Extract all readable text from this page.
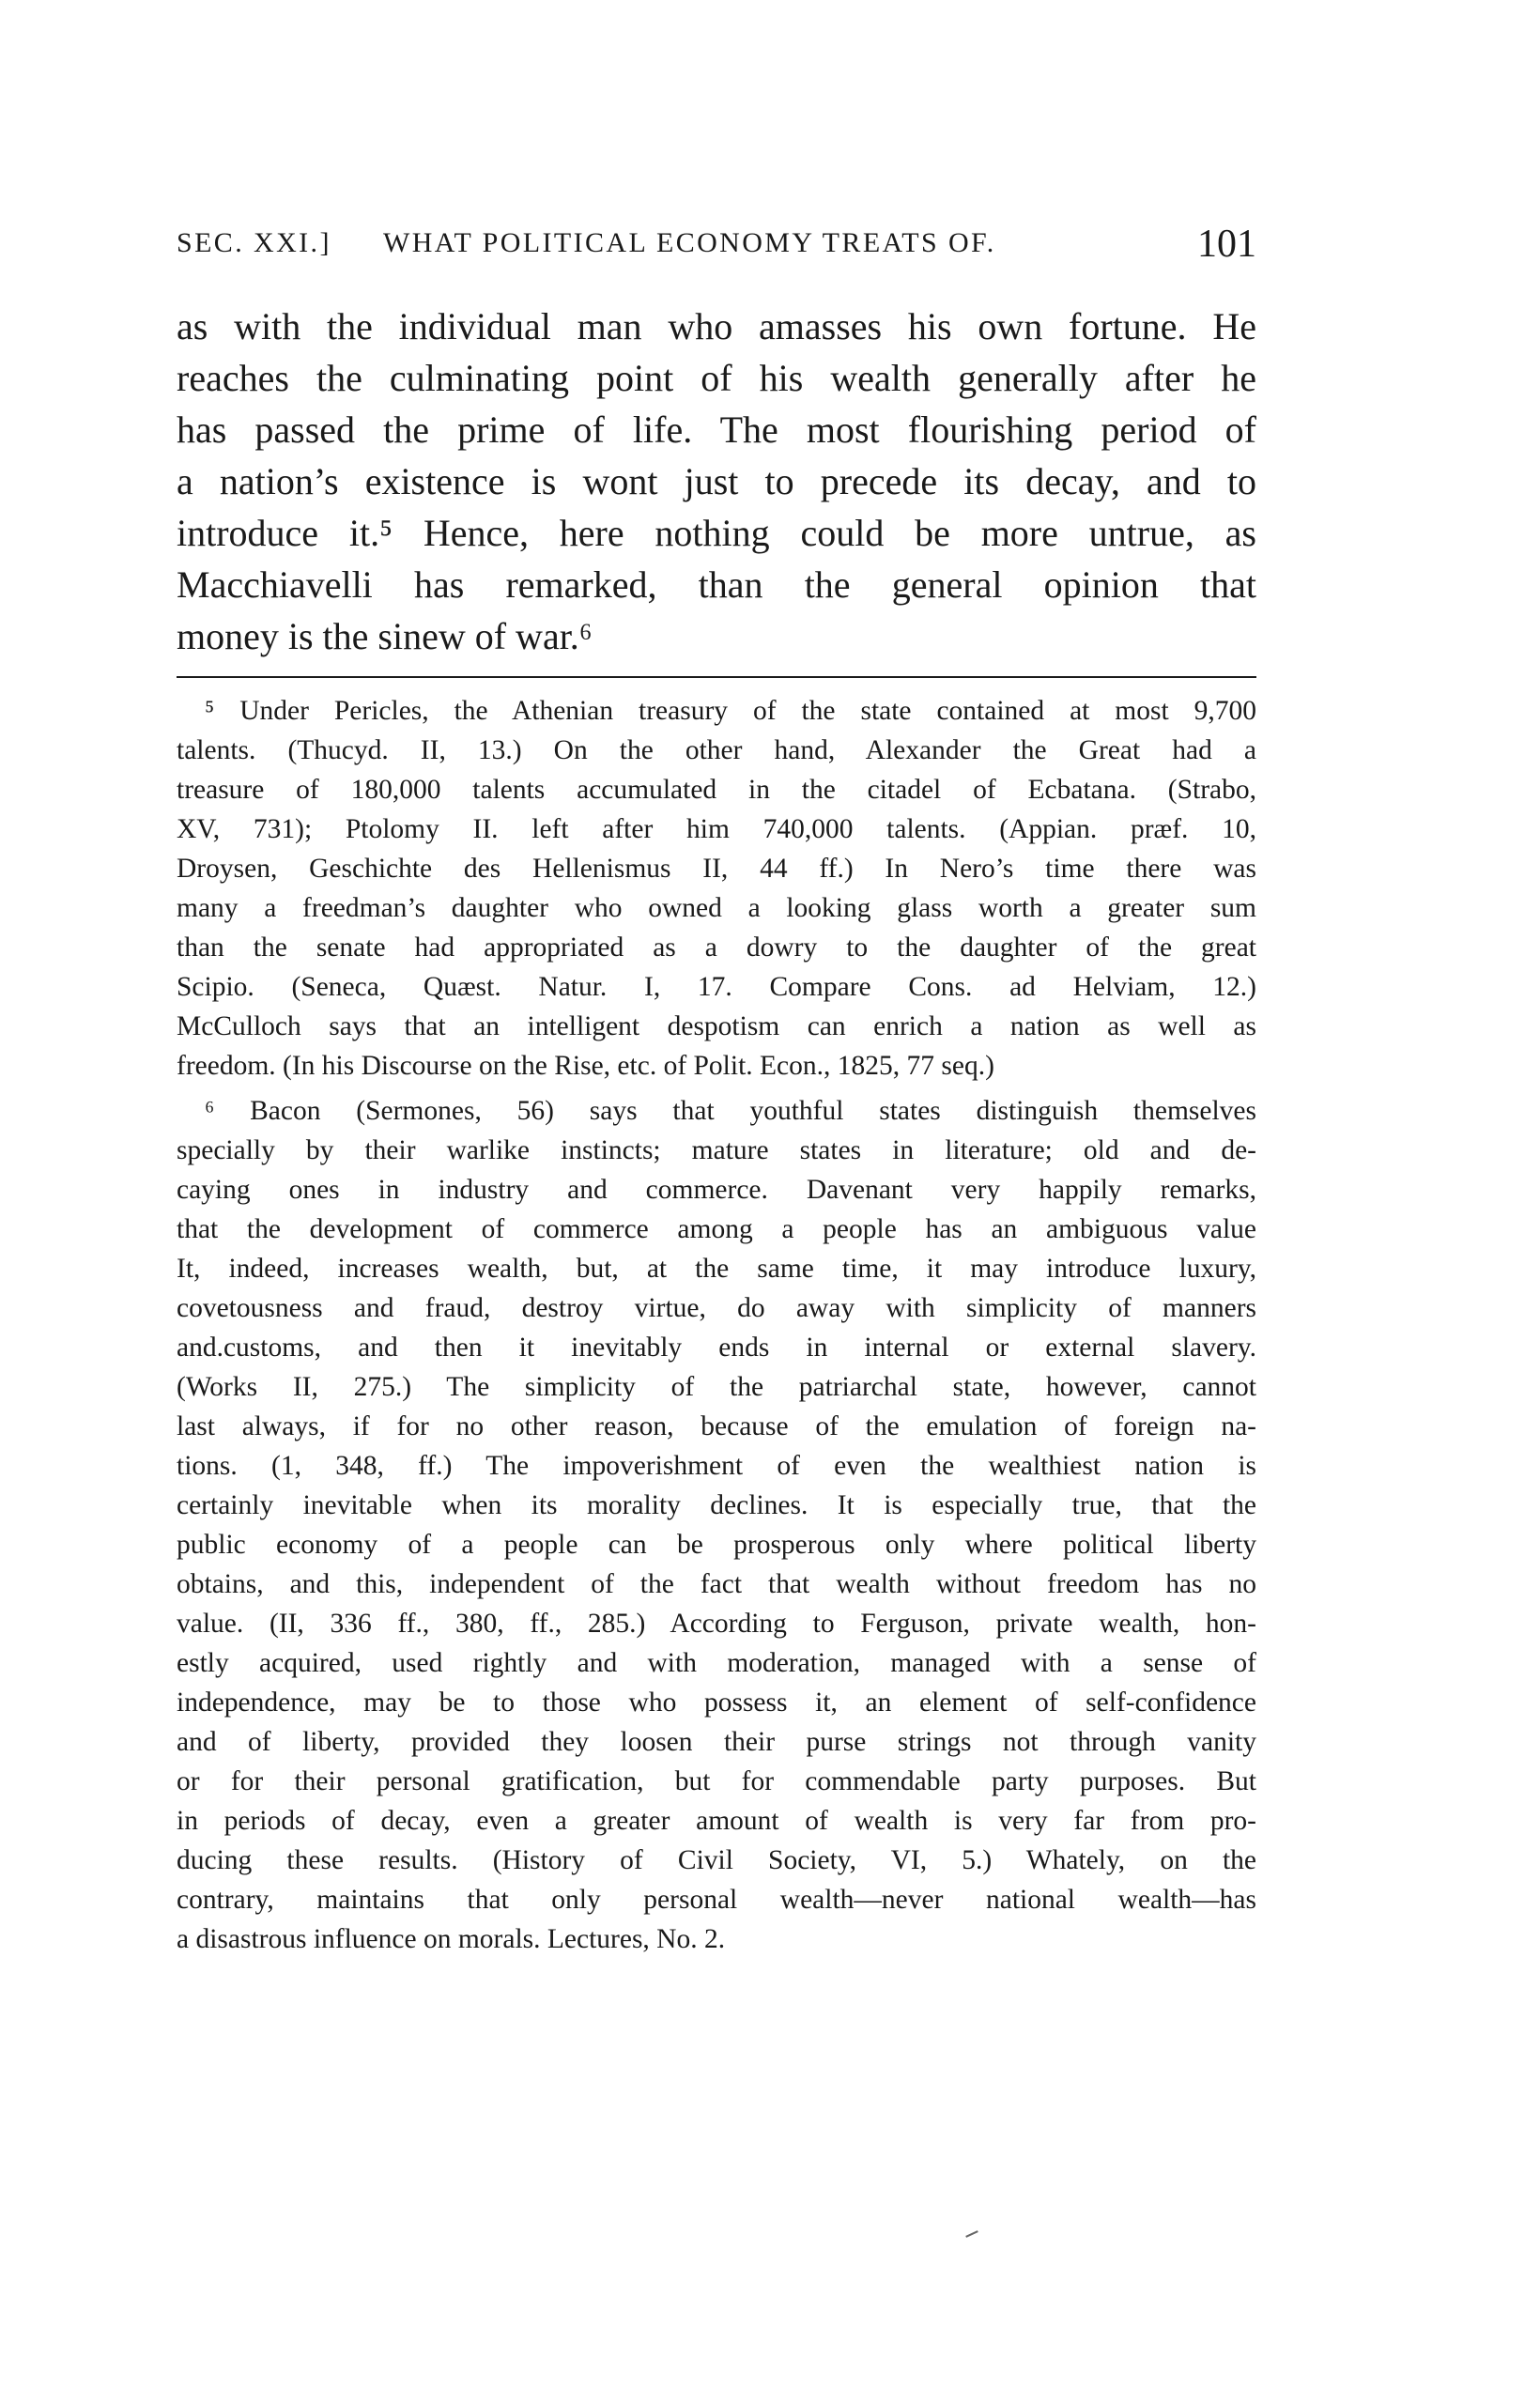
SEC. XXI.] WHAT POLITICAL ECONOMY TREATS OF.	101
as with the individual man who amasses his own fortune. He
reaches the culminating point of his wealth generally after he
has passed the prime of life. The most flourishing period of
a nation’s existence is wont just to precede its decay, and to
introduce it.⁵ Hence, here nothing could be more untrue, as
Macchiavelli has remarked, than the general opinion that
money is the sinew of war.⁶
⁵ Under Pericles, the Athenian treasury of the state contained at most 9,700
talents. (Thucyd. II, 13.) On the other hand, Alexander the Great had a
treasure of 180,000 talents accumulated in the citadel of Ecbatana. (Strabo,
XV, 731); Ptolomy II. left after him 740,000 talents. (Appian. præf. 10,
Droysen, Geschichte des Hellenismus II, 44 ff.) In Nero’s time there was
many a freedman’s daughter who owned a looking glass worth a greater sum
than the senate had appropriated as a dowry to the daughter of the great
Scipio. (Seneca, Quæst. Natur. I, 17. Compare Cons. ad Helviam, 12.)
McCulloch says that an intelligent despotism can enrich a nation as well as
freedom. (In his Discourse on the Rise, etc. of Polit. Econ., 1825, 77 seq.)
⁶ Bacon (Sermones, 56) says that youthful states distinguish themselves
specially by their warlike instincts; mature states in literature; old and de-
caying ones in industry and commerce. Davenant very happily remarks,
that the development of commerce among a people has an ambiguous value
It, indeed, increases wealth, but, at the same time, it may introduce luxury,
covetousness and fraud, destroy virtue, do away with simplicity of manners
and.customs, and then it inevitably ends in internal or external slavery.
(Works II, 275.) The simplicity of the patriarchal state, however, cannot
last always, if for no other reason, because of the emulation of foreign na-
tions. (1, 348, ff.) The impoverishment of even the wealthiest nation is
certainly inevitable when its morality declines. It is especially true, that the
public economy of a people can be prosperous only where political liberty
obtains, and this, independent of the fact that wealth without freedom has no
value. (II, 336 ff., 380, ff., 285.) According to Ferguson, private wealth, hon-
estly acquired, used rightly and with moderation, managed with a sense of
independence, may be to those who possess it, an element of self-confidence
and of liberty, provided they loosen their purse strings not through vanity
or for their personal gratification, but for commendable party purposes. But
in periods of decay, even a greater amount of wealth is very far from pro-
ducing these results. (History of Civil Society, VI, 5.) Whately, on the
contrary, maintains that only personal wealth—never national wealth—has
a disastrous influence on morals. Lectures, No. 2.
